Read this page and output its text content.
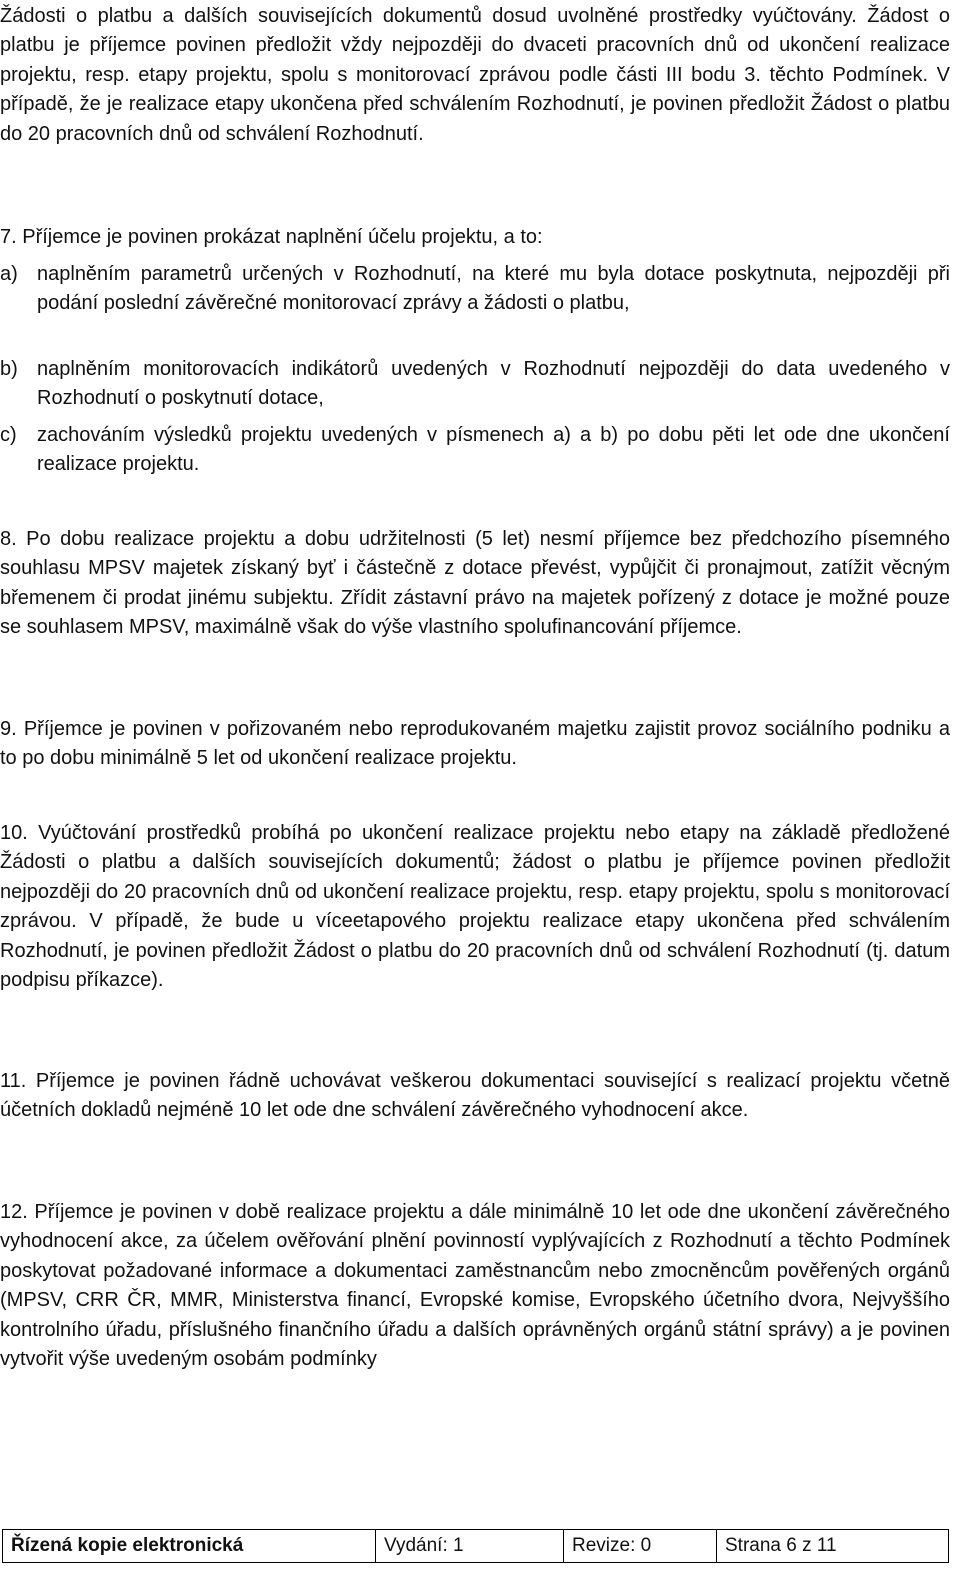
Žádosti o platbu a dalších souvisejících dokumentů dosud uvolněné prostředky vyúčtovány. Žádost o platbu je příjemce povinen předložit vždy nejpozději do dvaceti pracovních dnů od ukončení realizace projektu, resp. etapy projektu, spolu s monitorovací zprávou podle části III bodu 3. těchto Podmínek. V případě, že je realizace etapy ukončena před schválením Rozhodnutí, je povinen předložit Žádost o platbu do 20 pracovních dnů od schválení Rozhodnutí.

7. Příjemce je povinen prokázat naplnění účelu projektu, a to:

a) naplněním parametrů určených v Rozhodnutí, na které mu byla dotace poskytnuta, nejpozději při podání poslední závěrečné monitorovací zprávy a žádosti o platbu,
b) naplněním monitorovacích indikátorů uvedených v Rozhodnutí nejpozději do data uvedeného v Rozhodnutí o poskytnutí dotace,
c)	zachováním výsledků projektu uvedených v písmenech a) a b) po dobu pěti let ode dne ukončení realizace projektu.

8. Po dobu realizace projektu a dobu udržitelnosti (5 let) nesmí příjemce bez předchozího písemného souhlasu MPSV majetek získaný byť i částečně z dotace převést, vypůjčit či pronajmout, zatížit věcným břemenem či prodat jinému subjektu. Zřídit zástavní právo na majetek pořízený z dotace je možné pouze se souhlasem MPSV, maximálně však do výše vlastního spolufinancování příjemce.

9. Příjemce je povinen v pořizovaném nebo reprodukovaném majetku zajistit provoz sociálního podniku a to po dobu minimálně 5 let od ukončení realizace projektu.

10. Vyúčtování prostředků probíhá po ukončení realizace projektu nebo etapy na základě předložené Žádosti o platbu a dalších souvisejících dokumentů; žádost o platbu je příjemce povinen předložit nejpozději do 20 pracovních dnů od ukončení realizace projektu, resp. etapy projektu, spolu s monitorovací zprávou. V případě, že bude u víceetapového projektu realizace etapy ukončena před schválením Rozhodnutí, je povinen předložit Žádost o platbu do 20 pracovních dnů od schválení Rozhodnutí (tj. datum podpisu příkazce).

11. Příjemce je povinen řádně uchovávat veškerou dokumentaci související s realizací projektu včetně účetních dokladů nejméně 10 let ode dne schválení závěrečného vyhodnocení akce.

12. Příjemce je povinen v době realizace projektu a dále minimálně 10 let ode dne ukončení závěrečného vyhodnocení akce, za účelem ověřování plnění povinností vyplývajících z Rozhodnutí a těchto Podmínek poskytovat požadované informace a dokumentaci zaměstnancům nebo zmocněncům pověřených orgánů (MPSV, CRR ČR, MMR, Ministerstva financí, Evropské komise, Evropského účetního dvora, Nejvyššího kontrolního úřadu, příslušného finančního úřadu a dalších oprávněných orgánů státní správy) a je povinen vytvořit výše uvedeným osobám podmínky

Řízená kopie elektronická	Vydání: 1	Revize: 0	Strana 6 z 11
